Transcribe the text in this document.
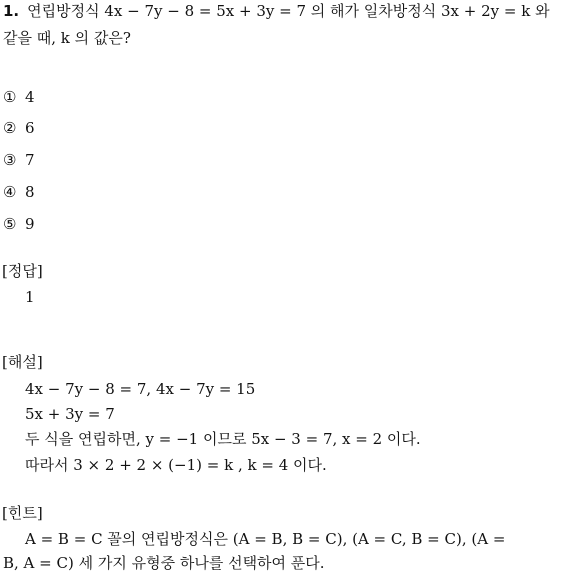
1. 연립방정식 4x − 7y − 8 = 5x + 3y = 7 의 해가 일차방정식 3x + 2y = k 와
같을 때, k 의 값은?
① 4
② 6
③ 7
④ 8
⑤ 9
[정답]
1
[해설]
4x − 7y − 8 = 7, 4x − 7y = 15
5x + 3y = 7
두 식을 연립하면, y = −1 이므로 5x − 3 = 7, x = 2 이다.
따라서 3 × 2 + 2 × (−1) = k , k = 4 이다.
[힌트]
A = B = C 꼴의 연립방정식은 (A = B, B = C), (A = C, B = C), (A =
B, A = C) 세 가지 유형중 하나를 선택하여 푼다.
